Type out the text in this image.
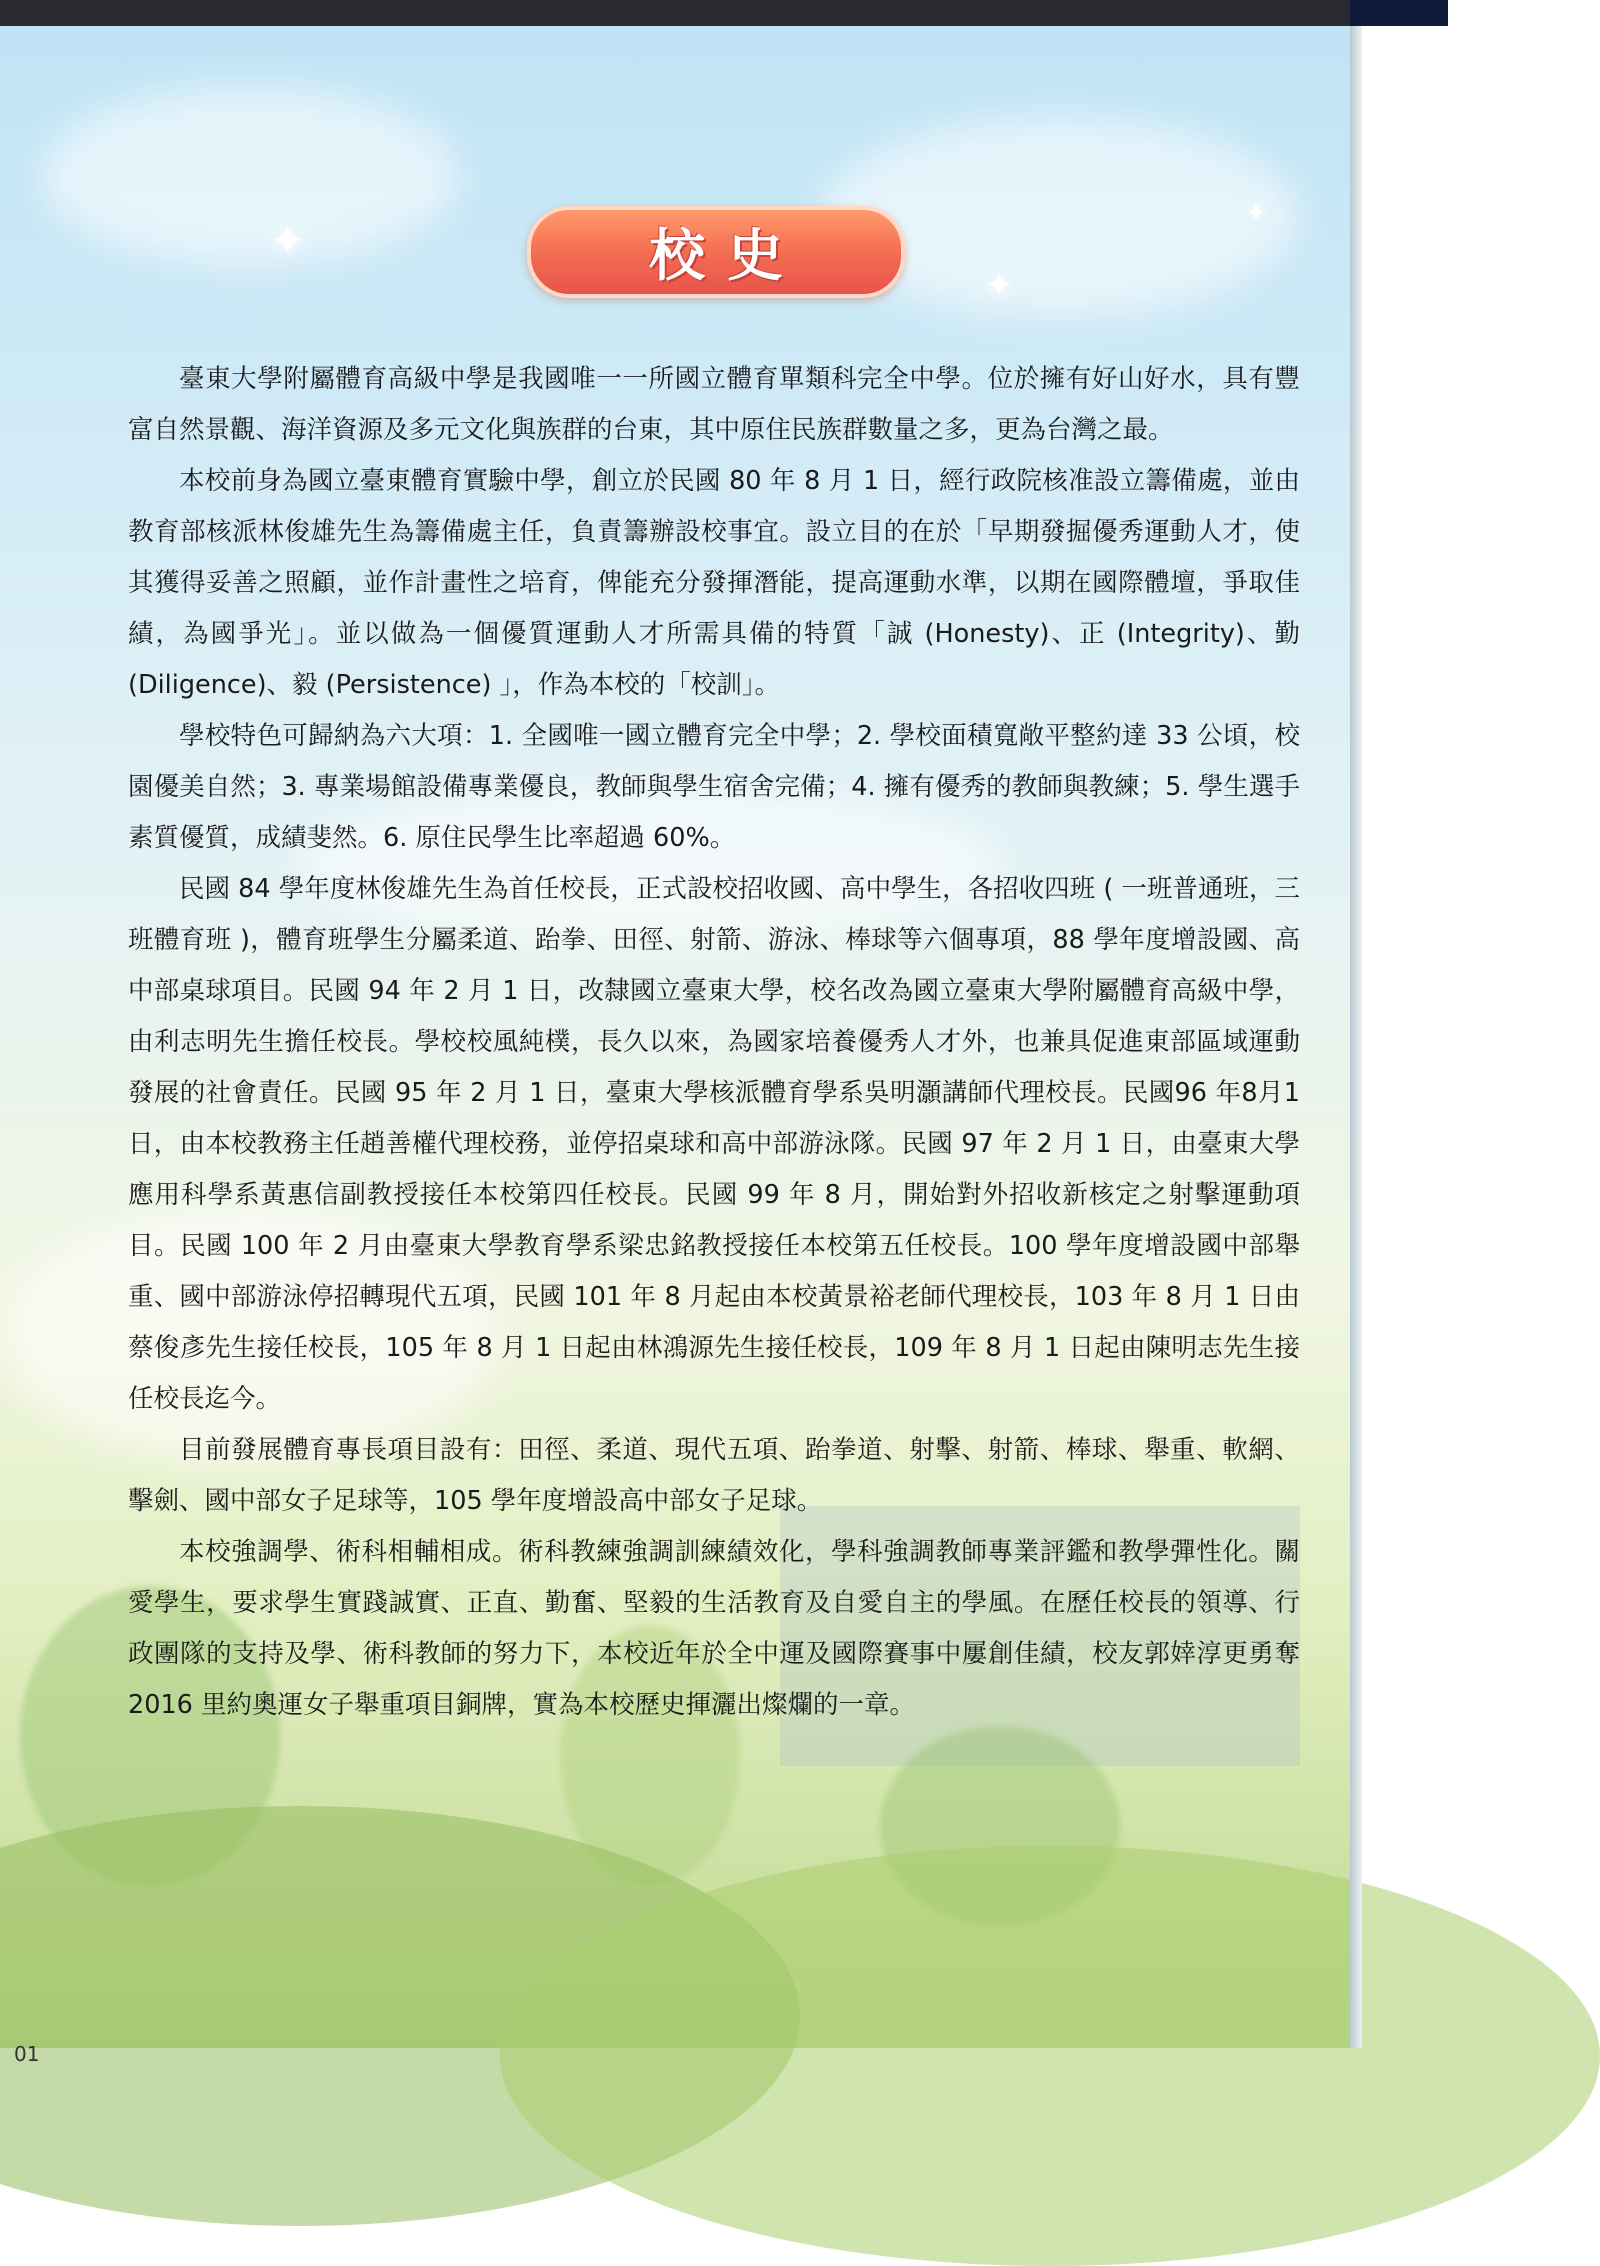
✦
✦
✦
校史

臺東大學附屬體育高級中學是我國唯一一所國立體育單類科完全中學。位於擁有好山好水，具有豐富自然景觀、海洋資源及多元文化與族群的台東，其中原住民族群數量之多，更為台灣之最。

本校前身為國立臺東體育實驗中學，創立於民國 80 年 8 月 1 日，經行政院核准設立籌備處，並由教育部核派林俊雄先生為籌備處主任，負責籌辦設校事宜。設立目的在於「早期發掘優秀運動人才，使其獲得妥善之照顧，並作計畫性之培育，俾能充分發揮潛能，提高運動水準，以期在國際體壇，爭取佳績，為國爭光」。並以做為一個優質運動人才所需具備的特質「誠 (Honesty)、正 (Integrity)、勤 (Diligence)、毅 (Persistence) 」，作為本校的「校訓」。

學校特色可歸納為六大項：1. 全國唯一國立體育完全中學；2. 學校面積寬敞平整約達 33 公頃，校園優美自然；3. 專業場館設備專業優良，教師與學生宿舍完備；4. 擁有優秀的教師與教練；5. 學生選手素質優質，成績斐然。6. 原住民學生比率超過 60%。

民國 84 學年度林俊雄先生為首任校長，正式設校招收國、高中學生，各招收四班 ( 一班普通班，三班體育班 )，體育班學生分屬柔道、跆拳、田徑、射箭、游泳、棒球等六個專項，88 學年度增設國、高中部桌球項目。民國 94 年 2 月 1 日，改隸國立臺東大學，校名改為國立臺東大學附屬體育高級中學，由利志明先生擔任校長。學校校風純樸，長久以來，為國家培養優秀人才外，也兼具促進東部區域運動發展的社會責任。民國 95 年 2 月 1 日，臺東大學核派體育學系吳明灝講師代理校長。民國96 年8月1 日，由本校教務主任趙善權代理校務，並停招桌球和高中部游泳隊。民國 97 年 2 月 1 日，由臺東大學應用科學系黃惠信副教授接任本校第四任校長。民國 99 年 8 月，開始對外招收新核定之射擊運動項目。民國 100 年 2 月由臺東大學教育學系梁忠銘教授接任本校第五任校長。100 學年度增設國中部舉重、國中部游泳停招轉現代五項，民國 101 年 8 月起由本校黃景裕老師代理校長，103 年 8 月 1 日由蔡俊彥先生接任校長，105 年 8 月 1 日起由林鴻源先生接任校長，109 年 8 月 1 日起由陳明志先生接任校長迄今。

目前發展體育專長項目設有：田徑、柔道、現代五項、跆拳道、射擊、射箭、棒球、舉重、軟網、擊劍、國中部女子足球等，105 學年度增設高中部女子足球。

本校強調學、術科相輔相成。術科教練強調訓練績效化，學科強調教師專業評鑑和教學彈性化。關愛學生，要求學生實踐誠實、正直、勤奮、堅毅的生活教育及自愛自主的學風。在歷任校長的領導、行政團隊的支持及學、術科教師的努力下，本校近年於全中運及國際賽事中屢創佳績，校友郭婞淳更勇奪 2016 里約奧運女子舉重項目銅牌，實為本校歷史揮灑出燦爛的一章。

01
